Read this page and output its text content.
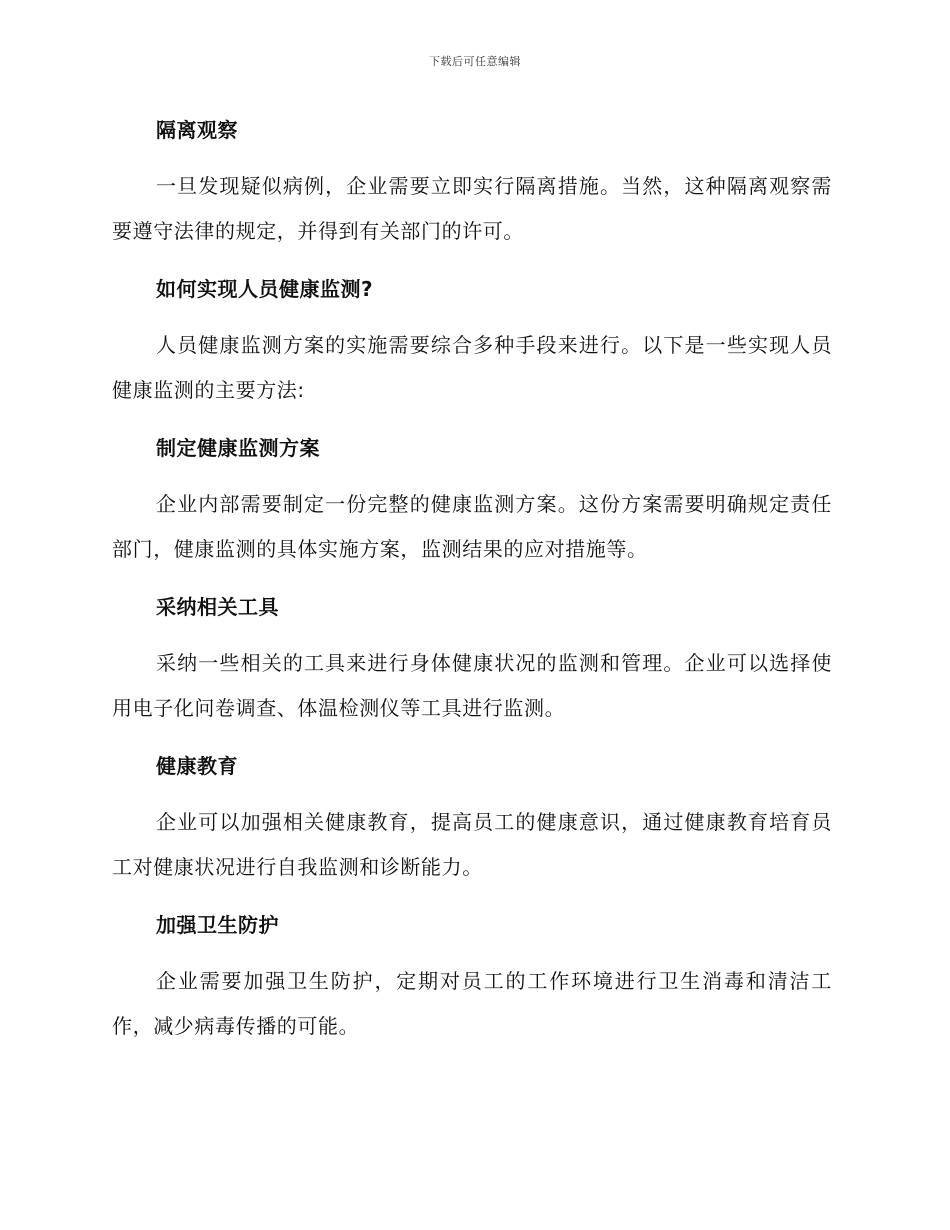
下载后可任意编辑
隔离观察
一旦发现疑似病例，企业需要立即实行隔离措施。当然，这种隔离观察需要遵守法律的规定，并得到有关部门的许可。
如何实现人员健康监测?
人员健康监测方案的实施需要综合多种手段来进行。以下是一些实现人员健康监测的主要方法:
制定健康监测方案
企业内部需要制定一份完整的健康监测方案。这份方案需要明确规定责任部门，健康监测的具体实施方案，监测结果的应对措施等。
采纳相关工具
采纳一些相关的工具来进行身体健康状况的监测和管理。企业可以选择使用电子化问卷调查、体温检测仪等工具进行监测。
健康教育
企业可以加强相关健康教育，提高员工的健康意识，通过健康教育培育员工对健康状况进行自我监测和诊断能力。
加强卫生防护
企业需要加强卫生防护，定期对员工的工作环境进行卫生消毒和清洁工作，减少病毒传播的可能。
